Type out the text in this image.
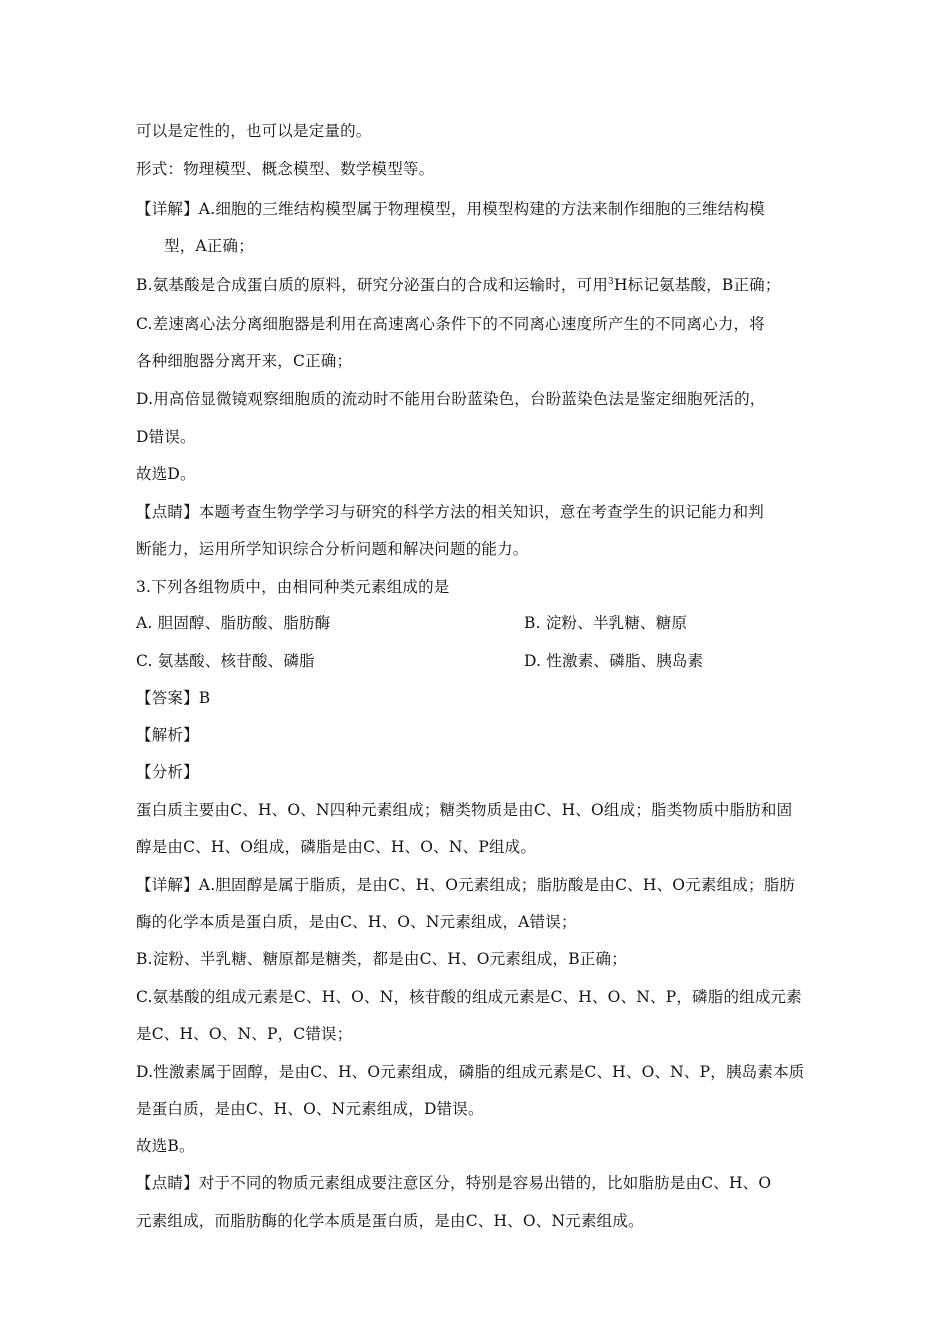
可以是定性的，也可以是定量的。
形式：物理模型、概念模型、数学模型等。
【详解】A.细胞的三维结构模型属于物理模型，用模型构建的方法来制作细胞的三维结构模
型，A正确；
B.氨基酸是合成蛋白质的原料，研究分泌蛋白的合成和运输时，可用$^3$H标记氨基酸，B正确；
C.差速离心法分离细胞器是利用在高速离心条件下的不同离心速度所产生的不同离心力，将
各种细胞器分离开来，C正确；
D.用高倍显微镜观察细胞质的流动时不能用台盼蓝染色，台盼蓝染色法是鉴定细胞死活的，
D错误。
故选D。
【点睛】本题考查生物学学习与研究的科学方法的相关知识，意在考查学生的识记能力和判
断能力，运用所学知识综合分析问题和解决问题的能力。
3.下列各组物质中，由相同种类元素组成的是
A. 胆固醇、脂肪酸、脂肪酶	B. 淀粉、半乳糖、糖原
C. 氨基酸、核苷酸、磷脂	D. 性激素、磷脂、胰岛素
【答案】B
【解析】
【分析】
蛋白质主要由C、H、O、N四种元素组成；糖类物质是由C、H、O组成；脂类物质中脂肪和固
醇是由C、H、O组成，磷脂是由C、H、O、N、P组成。
【详解】A.胆固醇是属于脂质，是由C、H、O元素组成；脂肪酸是由C、H、O元素组成；脂肪
酶的化学本质是蛋白质，是由C、H、O、N元素组成，A错误；
B.淀粉、半乳糖、糖原都是糖类，都是由C、H、O元素组成，B正确；
C.氨基酸的组成元素是C、H、O、N，核苷酸的组成元素是C、H、O、N、P，磷脂的组成元素
是C、H、O、N、P，C错误；
D.性激素属于固醇，是由C、H、O元素组成，磷脂的组成元素是C、H、O、N、P，胰岛素本质
是蛋白质，是由C、H、O、N元素组成，D错误。
故选B。
【点睛】对于不同的物质元素组成要注意区分，特别是容易出错的，比如脂肪是由C、H、O
元素组成，而脂肪酶的化学本质是蛋白质，是由C、H、O、N元素组成。
